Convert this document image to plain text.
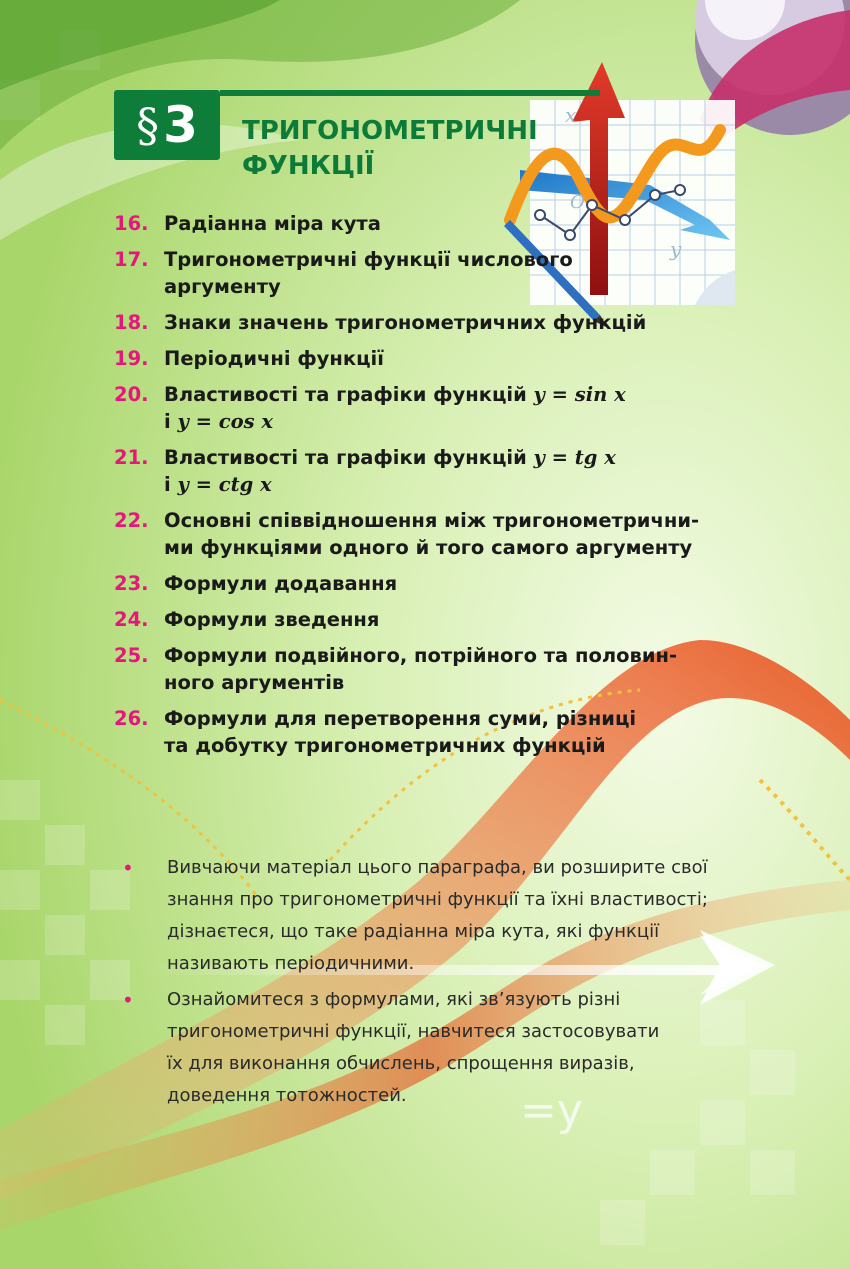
x
O
y
=y
§ 3 ТРИГОНОМЕТРИЧНІ
ФУНКЦІЇ
16. Радіанна міра кута
17. Тригонометричні функції числового
аргументу
18. Знаки значень тригонометричних функцій
19. Періодичні функції
20. Властивості та графіки функцій y = sin x
і y = cos x
21. Властивості та графіки функцій y = tg x
і y = ctg x
22. Основні співвідношення між тригонометрични-
ми функціями одного й того самого аргументу
23. Формули додавання
24. Формули зведення
25. Формули подвійного, потрійного та половин-
ного аргументів
26. Формули для перетворення суми, різниці
та добутку тригонометричних функцій
•	Вивчаючи матеріал цього параграфа, ви розширите свої
знання про тригонометричні функції та їхні властивості;
дізнаєтеся, що таке радіанна міра кута, які функції
називають періодичними.
•	Ознайомитеся з формулами, які зв’язують різні
тригонометричні функції, навчитеся застосовувати
їх для виконання обчислень, спрощення виразів,
доведення тотожностей.
